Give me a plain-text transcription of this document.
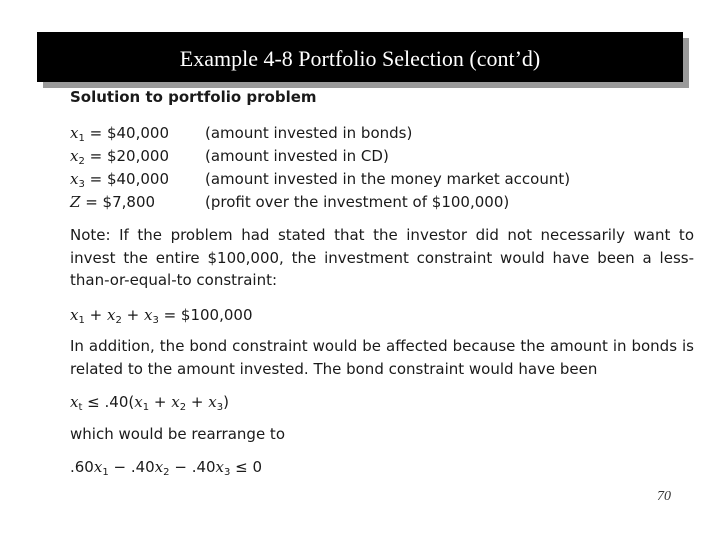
Example 4-8 Portfolio Selection (cont’d)
Solution to portfolio problem
$x_1$ = $40,000 (amount invested in bonds)
$x_2$ = $20,000 (amount invested in CD)
$x_3$ = $40,000 (amount invested in the money market account)
Z = $7,800	(profit over the investment of $100,000)
Note: If the problem had stated that the investor did not necessarily want to invest the entire $100,000, the investment constraint would have been a less-than-or-equal-to constraint:
$x_1 + x_2 + x_3$ = $100,000
In addition, the bond constraint would be affected because the amount in bonds is related to the amount invested. The bond constraint would have been
$x_t \le .40(x_1 + x_2 + x_3)$
which would be rearrange to
$.60x_1 - .40x_2 - .40x_3 \le 0$
70
